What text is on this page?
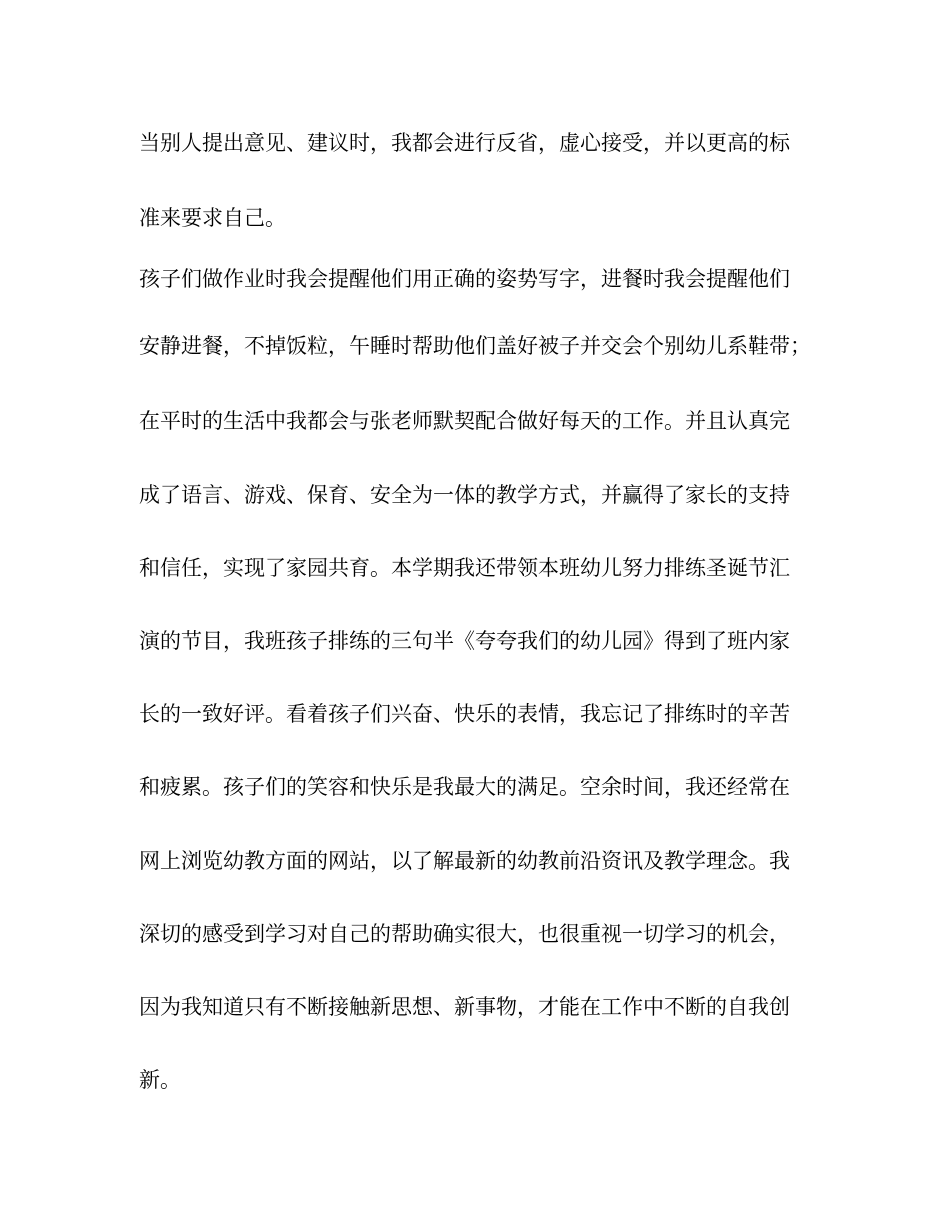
当别人提出意见、建议时，我都会进行反省，虚心接受，并以更高的标

准来要求自己。

孩子们做作业时我会提醒他们用正确的姿势写字，进餐时我会提醒他们

安静进餐，不掉饭粒，午睡时帮助他们盖好被子并交会个别幼儿系鞋带；

在平时的生活中我都会与张老师默契配合做好每天的工作。并且认真完

成了语言、游戏、保育、安全为一体的教学方式，并赢得了家长的支持

和信任，实现了家园共育。本学期我还带领本班幼儿努力排练圣诞节汇

演的节目，我班孩子排练的三句半《夸夸我们的幼儿园》得到了班内家

长的一致好评。看着孩子们兴奋、快乐的表情，我忘记了排练时的辛苦

和疲累。孩子们的笑容和快乐是我最大的满足。空余时间，我还经常在

网上浏览幼教方面的网站，以了解最新的幼教前沿资讯及教学理念。我

深切的感受到学习对自己的帮助确实很大，也很重视一切学习的机会，

因为我知道只有不断接触新思想、新事物，才能在工作中不断的自我创

新。
